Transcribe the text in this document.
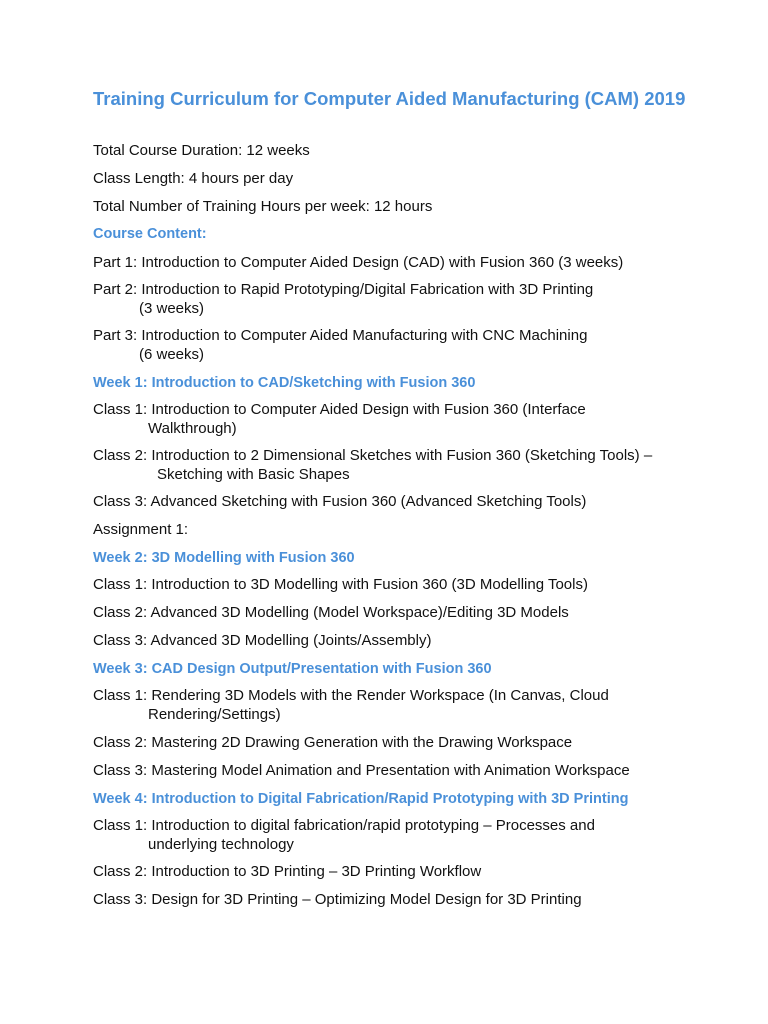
Training Curriculum for Computer Aided Manufacturing (CAM) 2019
Total Course Duration: 12 weeks
Class Length: 4 hours per day
Total Number of Training Hours per week: 12 hours
Course Content:
Part 1: Introduction to Computer Aided Design (CAD) with Fusion 360 (3 weeks)
Part 2: Introduction to Rapid Prototyping/Digital Fabrication with 3D Printing
(3 weeks)
Part 3: Introduction to Computer Aided Manufacturing with CNC Machining
(6 weeks)
Week 1: Introduction to CAD/Sketching with Fusion 360
Class 1: Introduction to Computer Aided Design with Fusion 360 (Interface
Walkthrough)
Class 2: Introduction to 2 Dimensional Sketches with Fusion 360 (Sketching Tools) –
Sketching with Basic Shapes
Class 3: Advanced Sketching with Fusion 360 (Advanced Sketching Tools)
Assignment 1:
Week 2: 3D Modelling with Fusion 360
Class 1: Introduction to 3D Modelling with Fusion 360 (3D Modelling Tools)
Class 2: Advanced 3D Modelling (Model Workspace)/Editing 3D Models
Class 3: Advanced 3D Modelling (Joints/Assembly)
Week 3: CAD Design Output/Presentation with Fusion 360
Class 1: Rendering 3D Models with the Render Workspace (In Canvas, Cloud
Rendering/Settings)
Class 2: Mastering 2D Drawing Generation with the Drawing Workspace
Class 3: Mastering Model Animation and Presentation with Animation Workspace
Week 4: Introduction to Digital Fabrication/Rapid Prototyping with 3D Printing
Class 1: Introduction to digital fabrication/rapid prototyping – Processes and
underlying technology
Class 2: Introduction to 3D Printing – 3D Printing Workflow
Class 3: Design for 3D Printing – Optimizing Model Design for 3D Printing
